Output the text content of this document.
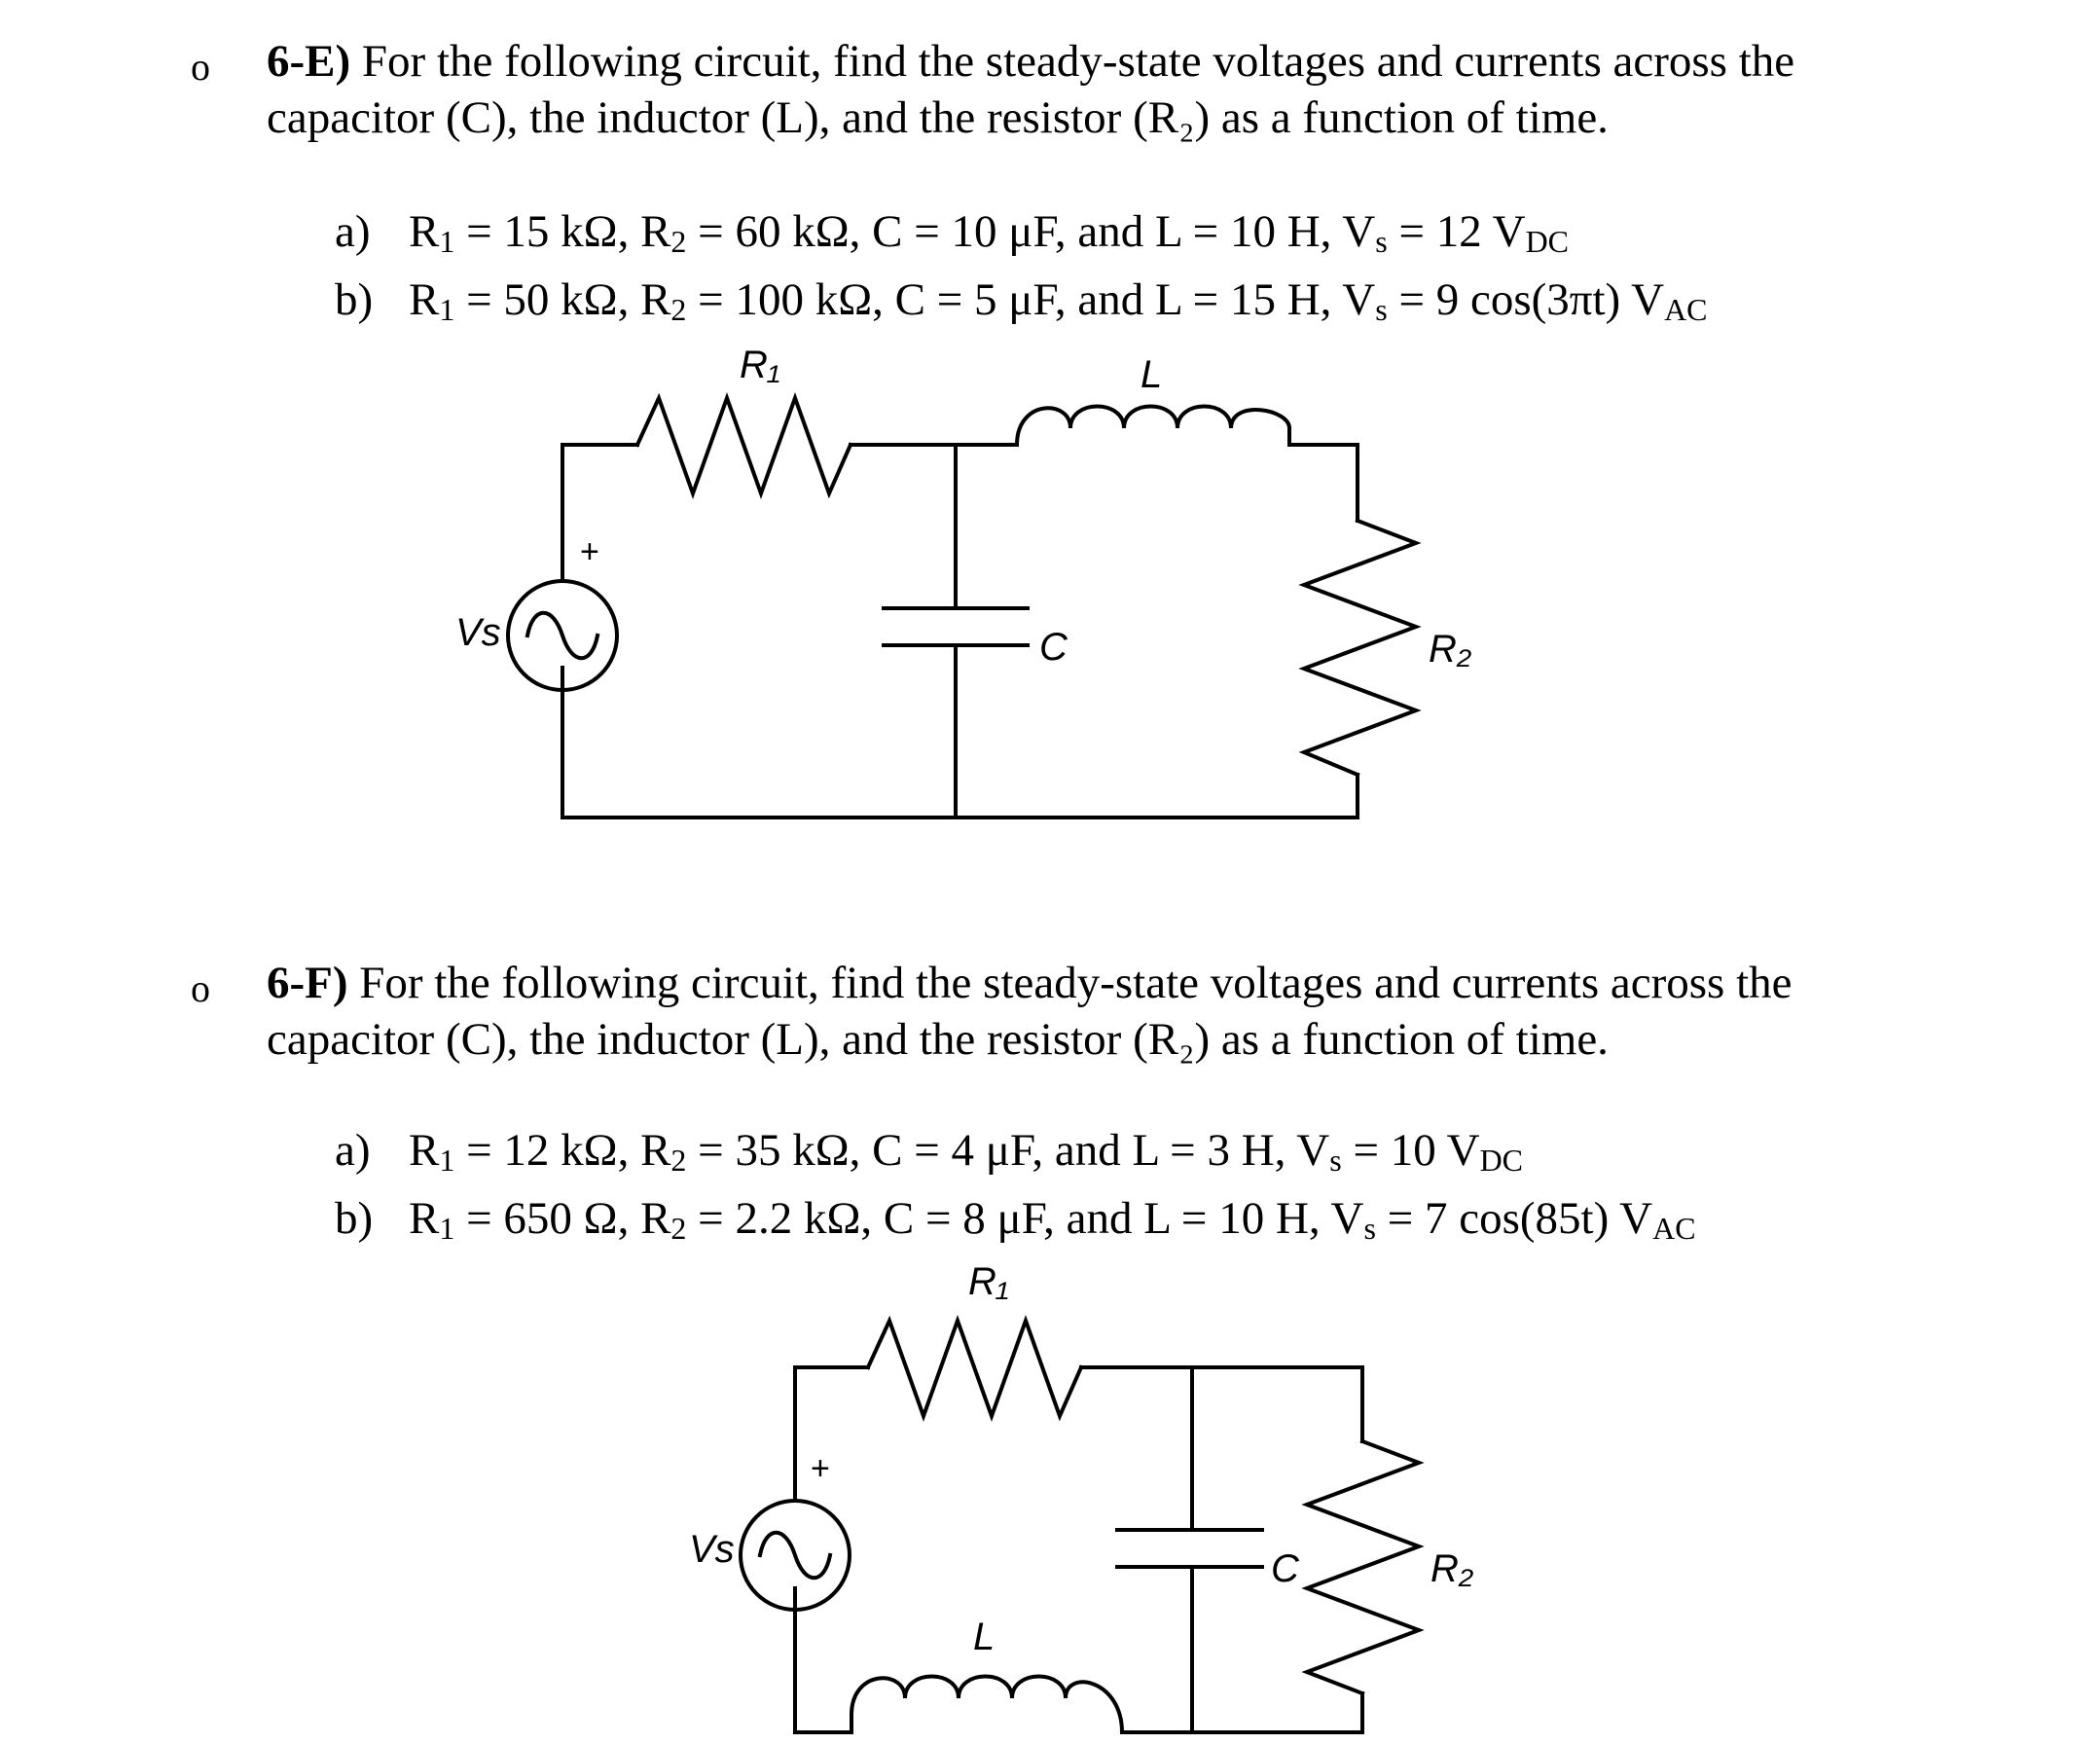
o 6-E) For the following circuit, find the steady-state voltages and currents across the capacitor (C), the inductor (L), and the resistor (R₂) as a function of time.
a) R1 = 15 kΩ, R2 = 60 kΩ, C = 10 μF, and L = 10 H, Vs = 12 VDC
b) R1 = 50 kΩ, R2 = 100 kΩ, C = 5 μF, and L = 15 H, Vs = 9 cos(3πt) VAC
R₁	L
C	R₂
Vs
+
o 6-F) For the following circuit, find the steady-state voltages and currents across the capacitor (C), the inductor (L), and the resistor (R₂) as a function of time.
a) R1 = 12 kΩ, R2 = 35 kΩ, C = 4 μF, and L = 3 H, Vs = 10 VDC
b) R1 = 650 Ω, R2 = 2.2 kΩ, C = 8 μF, and L = 10 H, Vs = 7 cos(85t) VAC
R₁
L
C	R₂
Vs
+
